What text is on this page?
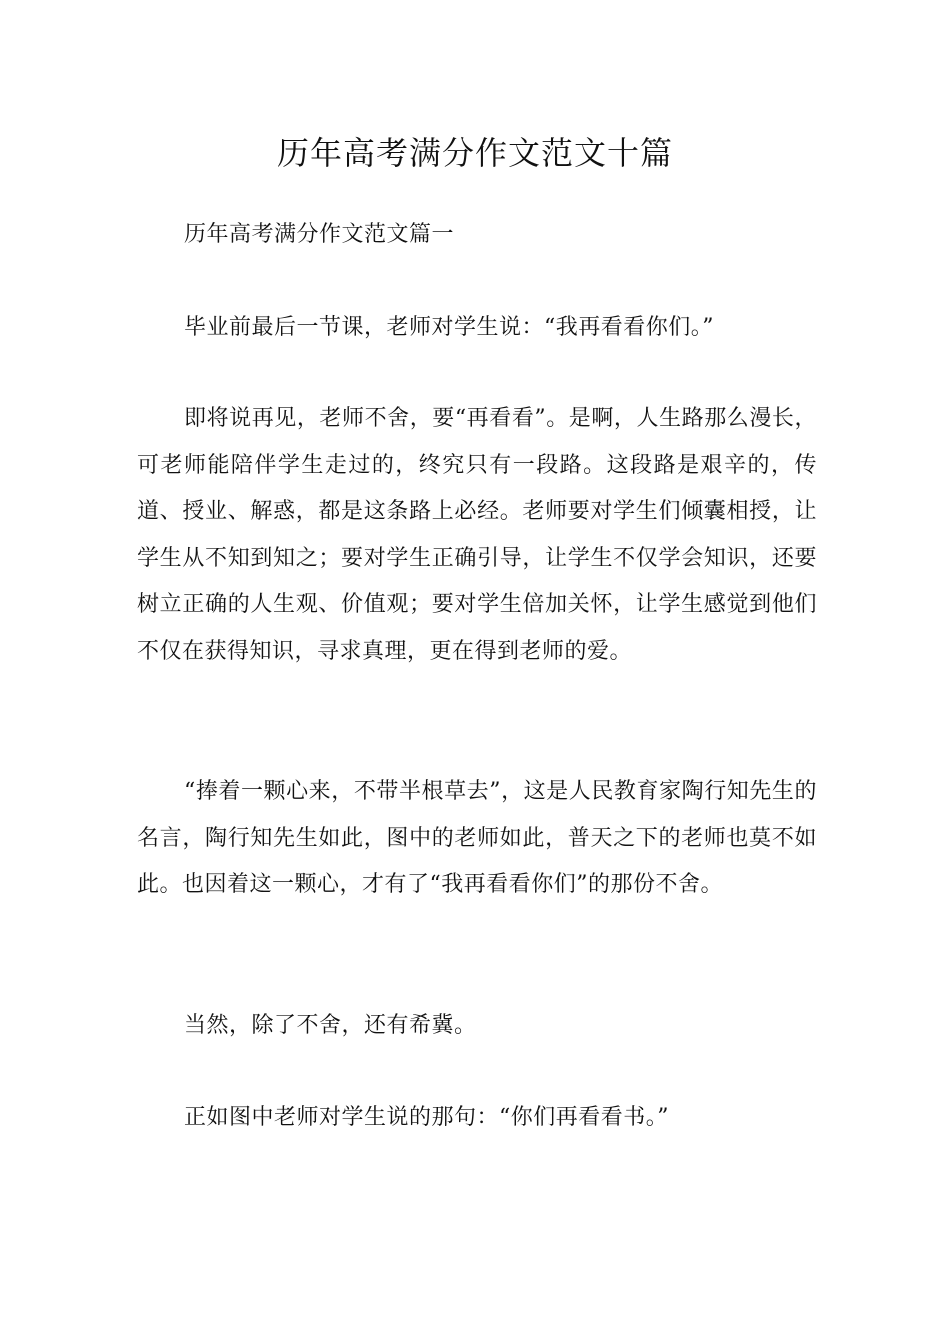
历年高考满分作文范文十篇

历年高考满分作文范文篇一

毕业前最后一节课，老师对学生说：“我再看看你们。”

即将说再见，老师不舍，要“再看看”。是啊，人生路那么漫长，可老师能陪伴学生走过的，终究只有一段路。这段路是艰辛的，传道、授业、解惑，都是这条路上必经。老师要对学生们倾囊相授，让学生从不知到知之；要对学生正确引导，让学生不仅学会知识，还要树立正确的人生观、价值观；要对学生倍加关怀，让学生感觉到他们不仅在获得知识，寻求真理，更在得到老师的爱。

“捧着一颗心来，不带半根草去”，这是人民教育家陶行知先生的名言，陶行知先生如此，图中的老师如此，普天之下的老师也莫不如此。也因着这一颗心，才有了“我再看看你们”的那份不舍。

当然，除了不舍，还有希冀。

正如图中老师对学生说的那句：“你们再看看书。”
